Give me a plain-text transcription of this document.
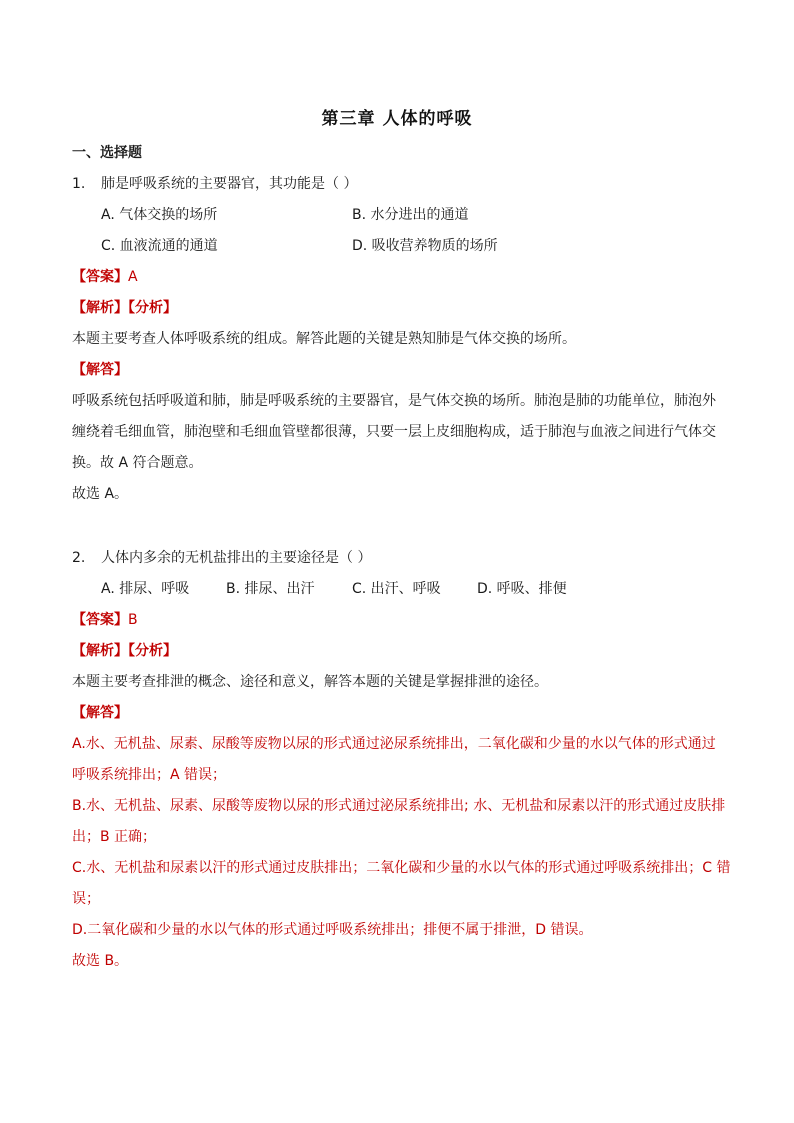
第三章 人体的呼吸
一、选择题
1. 肺是呼吸系统的主要器官，其功能是（ ）
A. 气体交换的场所	B. 水分进出的通道
C. 血液流通的通道	D. 吸收营养物质的场所
【答案】A
【解析】【分析】
本题主要考查人体呼吸系统的组成。解答此题的关键是熟知肺是气体交换的场所。
【解答】
呼吸系统包括呼吸道和肺，肺是呼吸系统的主要器官，是气体交换的场所。肺泡是肺的功能单位，肺泡外
缠绕着毛细血管，肺泡壁和毛细血管壁都很薄，只要一层上皮细胞构成，适于肺泡与血液之间进行气体交
换。故 A 符合题意。
故选 A。
2. 人体内多余的无机盐排出的主要途径是（ ）
A. 排尿、呼吸	B. 排尿、出汗	C. 出汗、呼吸	D. 呼吸、排便
【答案】B
【解析】【分析】
本题主要考查排泄的概念、途径和意义，解答本题的关键是掌握排泄的途径。
【解答】
A.水、无机盐、尿素、尿酸等废物以尿的形式通过泌尿系统排出，二氧化碳和少量的水以气体的形式通过
呼吸系统排出；A 错误；
B.水、无机盐、尿素、尿酸等废物以尿的形式通过泌尿系统排出; 水、无机盐和尿素以汗的形式通过皮肤排
出；B 正确；
C.水、无机盐和尿素以汗的形式通过皮肤排出；二氧化碳和少量的水以气体的形式通过呼吸系统排出；C 错
误；
D.二氧化碳和少量的水以气体的形式通过呼吸系统排出；排便不属于排泄，D 错误。
故选 B。
